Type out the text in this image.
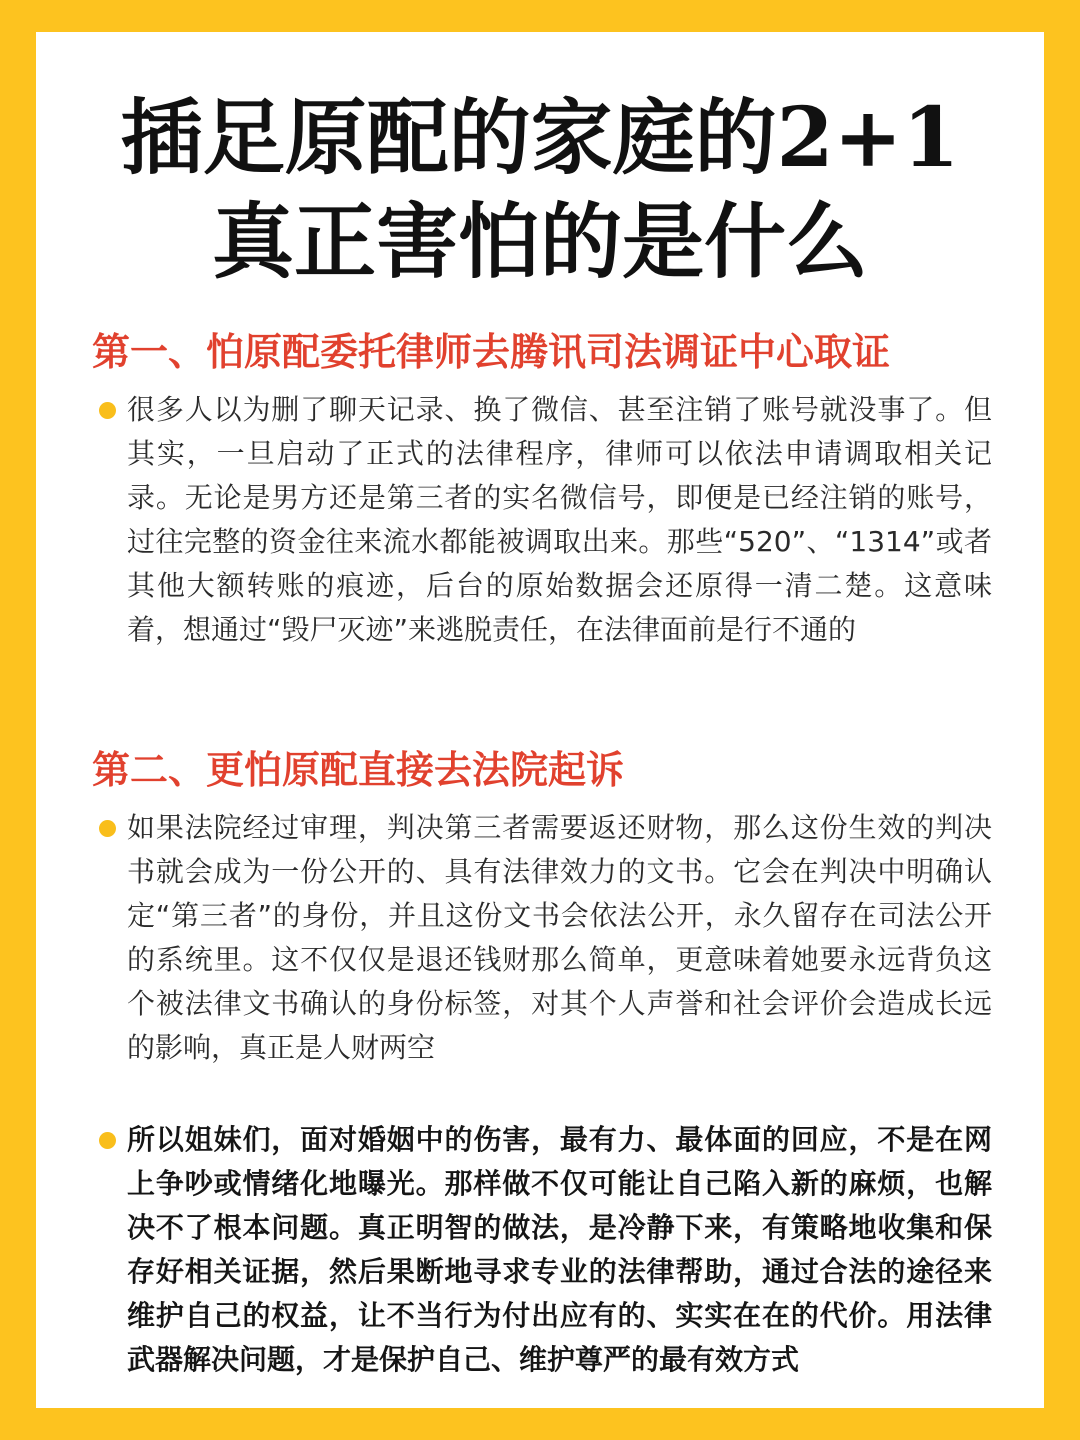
插足原配的家庭的2+1
真正害怕的是什么
第一、怕原配委托律师去腾讯司法调证中心取证

很多人以为删了聊天记录、换了微信、甚至注销了账号就没事了。但其实，一旦启动了正式的法律程序，律师可以依法申请调取相关记录。无论是男方还是第三者的实名微信号，即便是已经注销的账号，过往完整的资金往来流水都能被调取出来。那些“520”、“1314”或者其他大额转账的痕迹，后台的原始数据会还原得一清二楚。这意味着，想通过“毁尸灭迹”来逃脱责任，在法律面前是行不通的

第二、更怕原配直接去法院起诉

如果法院经过审理，判决第三者需要返还财物，那么这份生效的判决书就会成为一份公开的、具有法律效力的文书。它会在判决中明确认定“第三者”的身份，并且这份文书会依法公开，永久留存在司法公开的系统里。这不仅仅是退还钱财那么简单，更意味着她要永远背负这个被法律文书确认的身份标签，对其个人声誉和社会评价会造成长远的影响，真正是人财两空

所以姐妹们，面对婚姻中的伤害，最有力、最体面的回应，不是在网上争吵或情绪化地曝光。那样做不仅可能让自己陷入新的麻烦，也解决不了根本问题。真正明智的做法，是冷静下来，有策略地收集和保存好相关证据，然后果断地寻求专业的法律帮助，通过合法的途径来维护自己的权益，让不当行为付出应有的、实实在在的代价。用法律武器解决问题，才是保护自己、维护尊严的最有效方式
